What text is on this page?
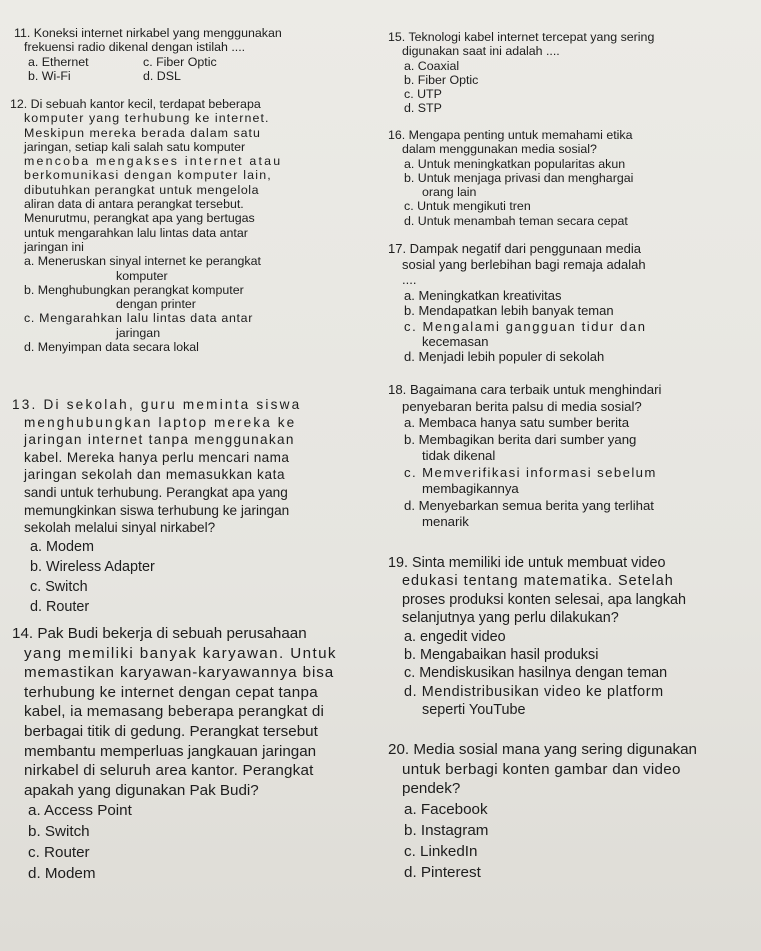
11. Koneksi internet nirkabel yang menggunakan

frekuensi radio dikenal dengan istilah ....

a. Ethernet	c. Fiber Optic
b. Wi-Fi	d. DSL

12. Di sebuah kantor kecil, terdapat beberapa

komputer yang terhubung ke internet.

Meskipun mereka berada dalam satu

jaringan, setiap kali salah satu komputer

mencoba mengakses internet atau

berkomunikasi dengan komputer lain,

dibutuhkan perangkat untuk mengelola

aliran data di antara perangkat tersebut.

Menurutmu, perangkat apa yang bertugas

untuk mengarahkan lalu lintas data antar

jaringan ini

a. Meneruskan sinyal internet ke perangkat
komputer
b. Menghubungkan perangkat komputer
dengan printer
c. Mengarahkan lalu lintas data antar
jaringan
d. Menyimpan data secara lokal

13. Di sekolah, guru meminta siswa

menghubungkan laptop mereka ke

jaringan internet tanpa menggunakan

kabel. Mereka hanya perlu mencari nama

jaringan sekolah dan memasukkan kata

sandi untuk terhubung. Perangkat apa yang

memungkinkan siswa terhubung ke jaringan

sekolah melalui sinyal nirkabel?

a. Modem
b. Wireless Adapter
c. Switch
d. Router

14. Pak Budi bekerja di sebuah perusahaan

yang memiliki banyak karyawan. Untuk

memastikan karyawan-karyawannya bisa

terhubung ke internet dengan cepat tanpa

kabel, ia memasang beberapa perangkat di

berbagai titik di gedung. Perangkat tersebut

membantu memperluas jangkauan jaringan

nirkabel di seluruh area kantor. Perangkat

apakah yang digunakan Pak Budi?

a. Access Point
b. Switch
c. Router
d. Modem

15. Teknologi kabel internet tercepat yang sering

digunakan saat ini adalah ....

a. Coaxial
b. Fiber Optic
c. UTP
d. STP

16. Mengapa penting untuk memahami etika

dalam menggunakan media sosial?

a. Untuk meningkatkan popularitas akun
b. Untuk menjaga privasi dan menghargai
orang lain
c. Untuk mengikuti tren
d. Untuk menambah teman secara cepat

17. Dampak negatif dari penggunaan media

sosial yang berlebihan bagi remaja adalah

....

a. Meningkatkan kreativitas
b. Mendapatkan lebih banyak teman
c. Mengalami gangguan tidur dan
kecemasan
d. Menjadi lebih populer di sekolah

18. Bagaimana cara terbaik untuk menghindari

penyebaran berita palsu di media sosial?

a. Membaca hanya satu sumber berita
b. Membagikan berita dari sumber yang
tidak dikenal
c. Memverifikasi informasi sebelum
membagikannya
d. Menyebarkan semua berita yang terlihat
menarik

19. Sinta memiliki ide untuk membuat video

edukasi tentang matematika. Setelah

proses produksi konten selesai, apa langkah

selanjutnya yang perlu dilakukan?

a. engedit video
b. Mengabaikan hasil produksi
c. Mendiskusikan hasilnya dengan teman
d. Mendistribusikan video ke platform
seperti YouTube

20. Media sosial mana yang sering digunakan

untuk berbagi konten gambar dan video

pendek?

a. Facebook
b. Instagram
c. LinkedIn
d. Pinterest
